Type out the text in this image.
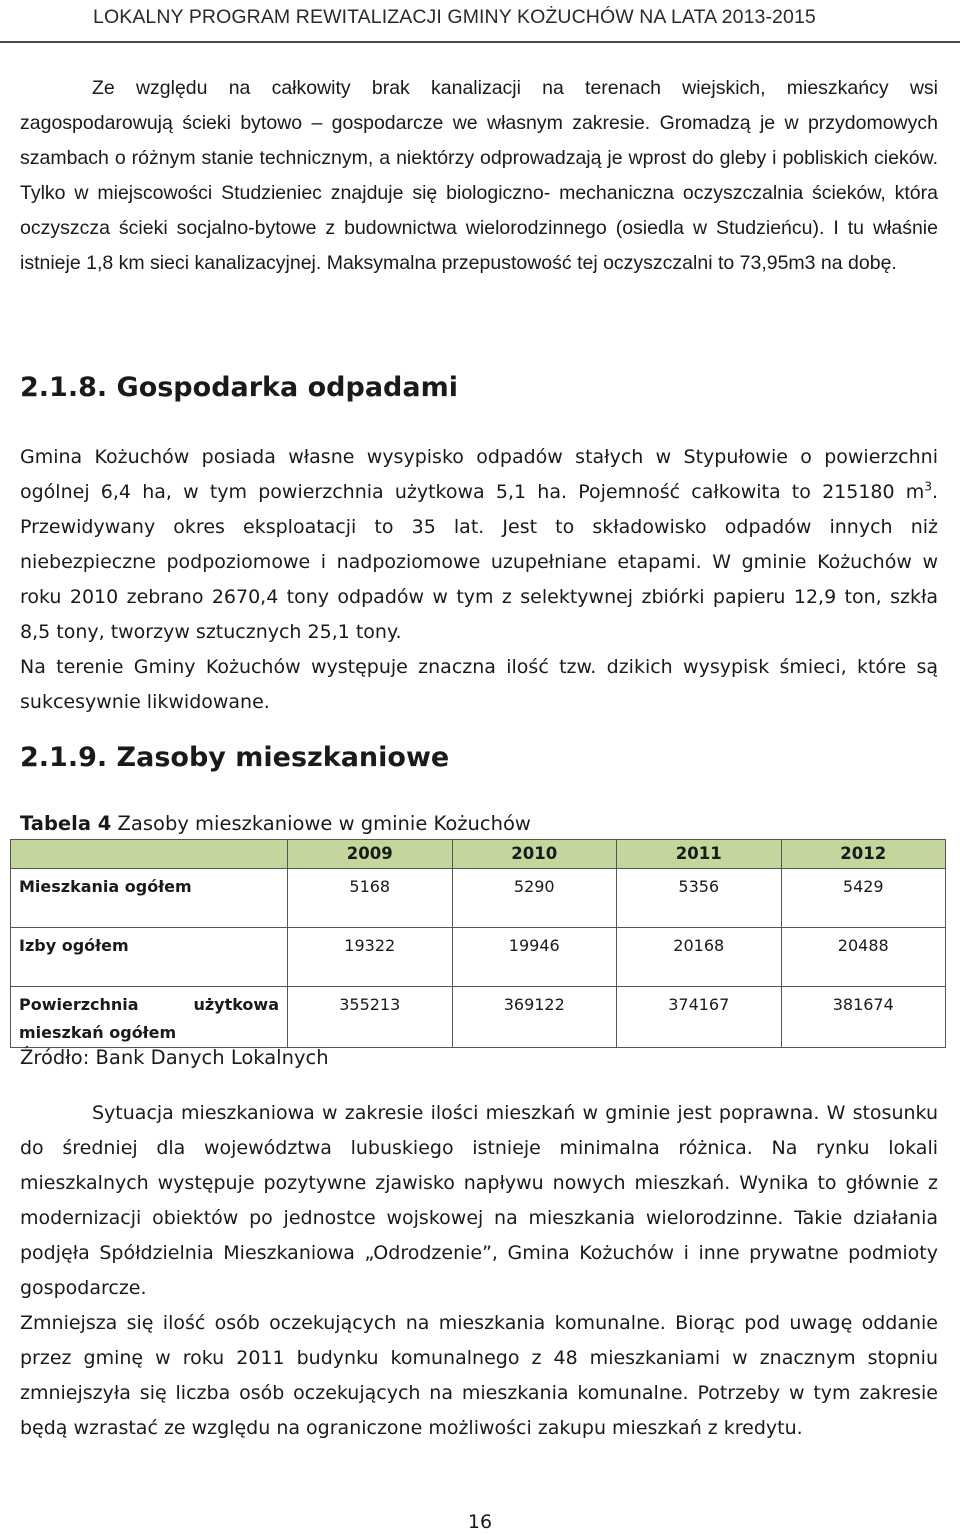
LOKALNY PROGRAM REWITALIZACJI GMINY KOŻUCHÓW NA LATA 2013-2015

Ze względu na całkowity brak kanalizacji na terenach wiejskich, mieszkańcy wsi zagospodarowują ścieki bytowo – gospodarcze we własnym zakresie. Gromadzą je w przydomowych szambach o różnym stanie technicznym, a niektórzy odprowadzają je wprost do gleby i pobliskich cieków. Tylko w miejscowości Studzieniec znajduje się biologiczno- mechaniczna oczyszczalnia ścieków, która oczyszcza ścieki socjalno-bytowe z budownictwa wielorodzinnego (osiedla w Studzieńcu). I tu właśnie istnieje 1,8 km sieci kanalizacyjnej. Maksymalna przepustowość tej oczyszczalni to 73,95m3 na dobę.

2.1.8. Gospodarka odpadami

Gmina Kożuchów posiada własne wysypisko odpadów stałych w Stypułowie o powierzchni ogólnej 6,4 ha, w tym powierzchnia użytkowa 5,1 ha. Pojemność całkowita to 215180 $m^3$. Przewidywany okres eksploatacji to 35 lat. Jest to składowisko odpadów innych niż niebezpieczne podpoziomowe i nadpoziomowe uzupełniane etapami. W gminie Kożuchów w roku 2010 zebrano 2670,4 tony odpadów w tym z selektywnej zbiórki papieru 12,9 ton, szkła 8,5 tony, tworzyw sztucznych 25,1 tony.

Na terenie Gminy Kożuchów występuje znaczna ilość tzw. dzikich wysypisk śmieci, które są sukcesywnie likwidowane.

2.1.9. Zasoby mieszkaniowe
Tabela 4 Zasoby mieszkaniowe w gminie Kożuchów
	2009	2010	2011	2012
Mieszkania ogółem	5168	5290	5356	5429
Izby ogółem	19322	19946	20168	20488
Powierzchnia użytkowa mieszkań ogółem	355213	369122	374167	381674
Źródło: Bank Danych Lokalnych

Sytuacja mieszkaniowa w zakresie ilości mieszkań w gminie jest poprawna. W stosunku do średniej dla województwa lubuskiego istnieje minimalna różnica. Na rynku lokali mieszkalnych występuje pozytywne zjawisko napływu nowych mieszkań. Wynika to głównie z modernizacji obiektów po jednostce wojskowej na mieszkania wielorodzinne. Takie działania podjęła Spółdzielnia Mieszkaniowa „Odrodzenie”, Gmina Kożuchów i inne prywatne podmioty gospodarcze.

Zmniejsza się ilość osób oczekujących na mieszkania komunalne. Biorąc pod uwagę oddanie przez gminę w roku 2011 budynku komunalnego z 48 mieszkaniami w znacznym stopniu zmniejszyła się liczba osób oczekujących na mieszkania komunalne. Potrzeby w tym zakresie będą wzrastać ze względu na ograniczone możliwości zakupu mieszkań z kredytu.

16
